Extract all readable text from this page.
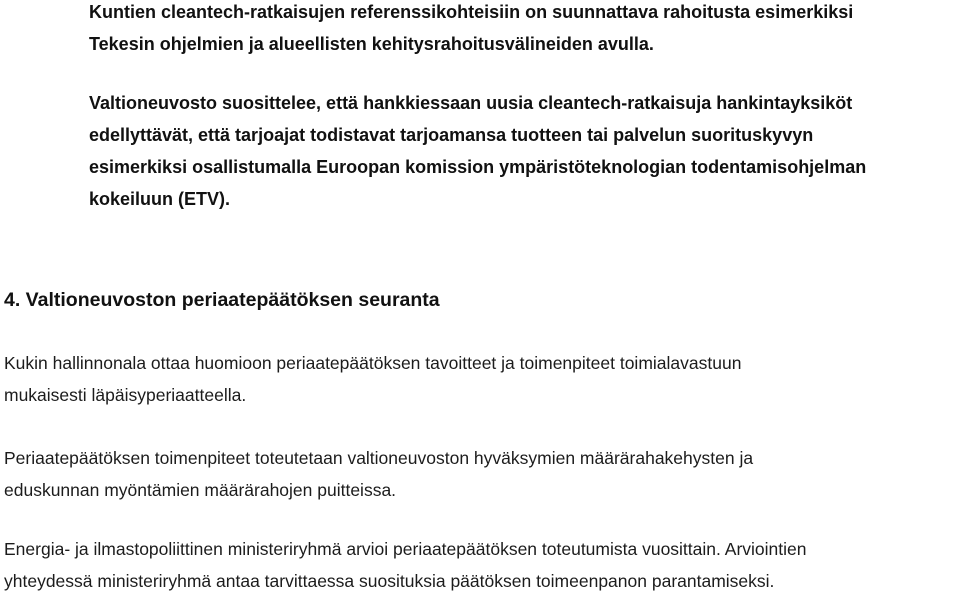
Kuntien cleantech-ratkaisujen referenssikohteisiin on suunnattava rahoitusta esimerkiksi
Tekesin ohjelmien ja alueellisten kehitysrahoitusvälineiden avulla.

Valtioneuvosto suosittelee, että hankkiessaan uusia cleantech-ratkaisuja hankintayksiköt
edellyttävät, että tarjoajat todistavat tarjoamansa tuotteen tai palvelun suorituskyvyn
esimerkiksi osallistumalla Euroopan komission ympäristöteknologian todentamisohjelman
kokeiluun (ETV).

4. Valtioneuvoston periaatepäätöksen seuranta

Kukin hallinnonala ottaa huomioon periaatepäätöksen tavoitteet ja toimenpiteet toimialavastuun
mukaisesti läpäisyperiaatteella.

Periaatepäätöksen toimenpiteet toteutetaan valtioneuvoston hyväksymien määrärahakehysten ja
eduskunnan myöntämien määrärahojen puitteissa.

Energia- ja ilmastopoliittinen ministeriryhmä arvioi periaatepäätöksen toteutumista vuosittain. Arviointien
yhteydessä ministeriryhmä antaa tarvittaessa suosituksia päätöksen toimeenpanon parantamiseksi.
